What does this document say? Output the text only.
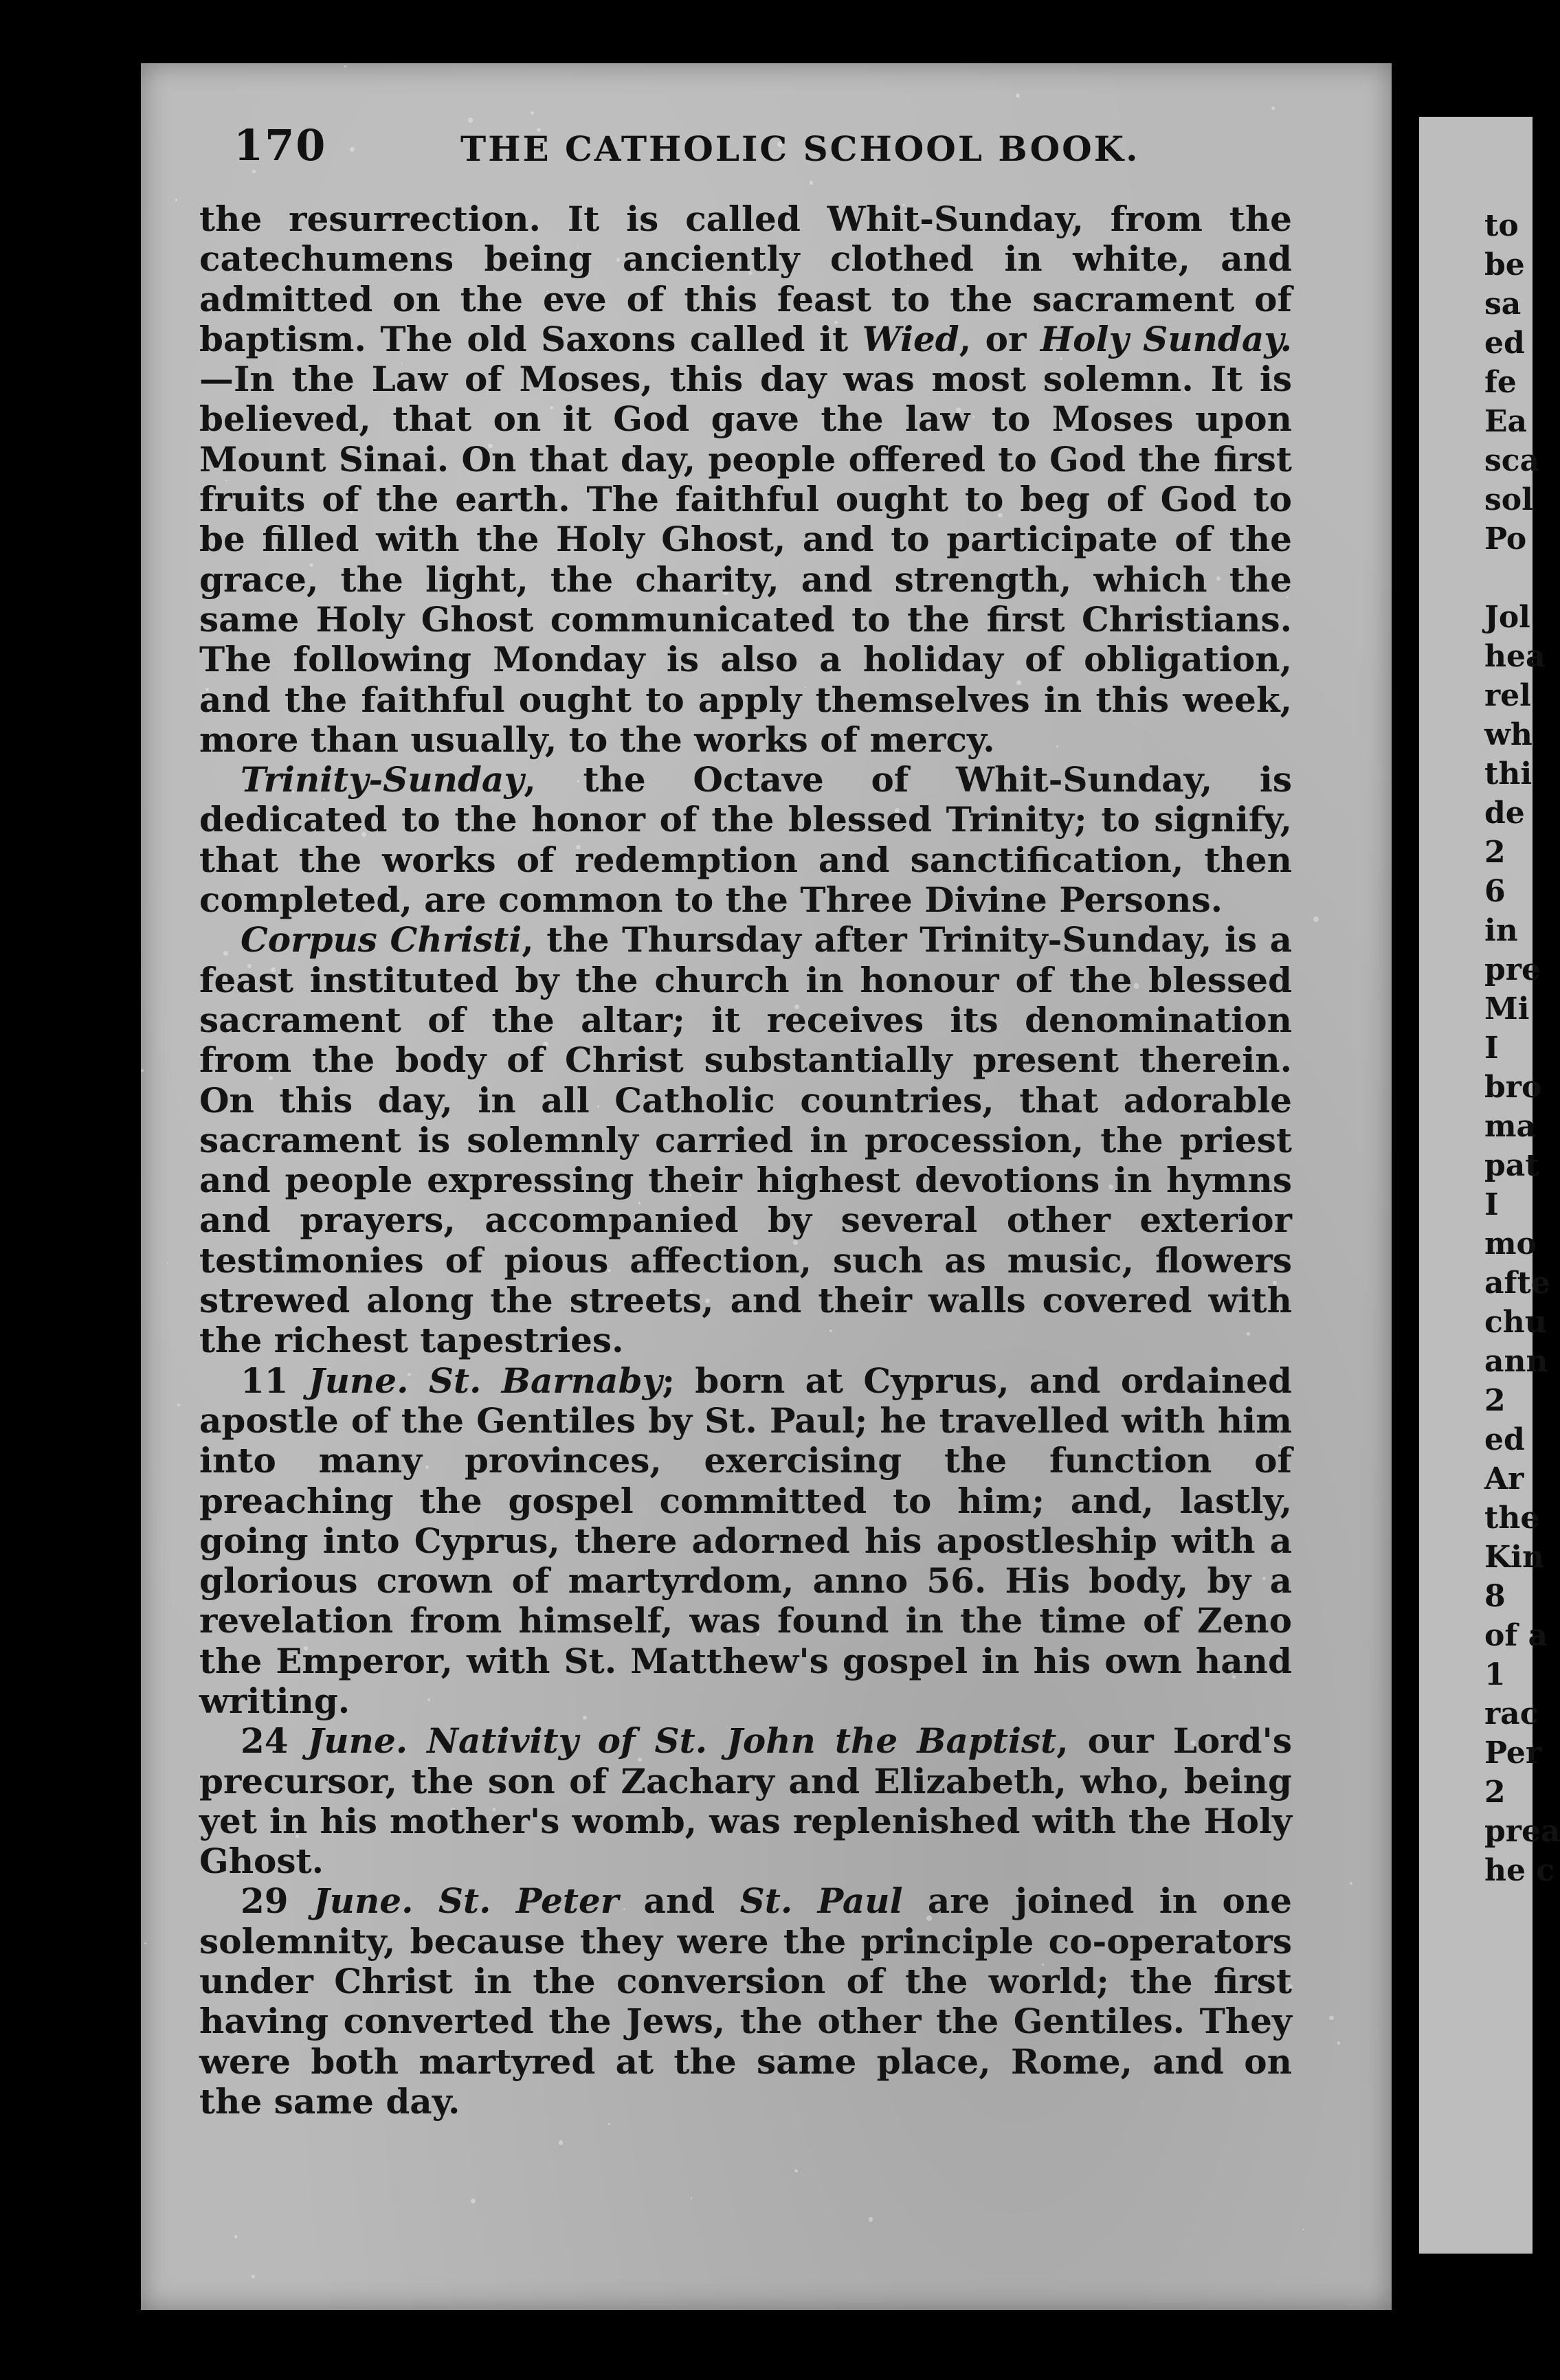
170	THE CATHOLIC SCHOOL BOOK.

the resurrection. It is called Whit-Sunday, from the catechumens being anciently clothed in white, and admitted on the eve of this feast to the sacrament of baptism. The old Saxons called it Wied, or Holy Sunday.—In the Law of Moses, this day was most solemn. It is believed, that on it God gave the law to Moses upon Mount Sinai. On that day, people offered to God the first fruits of the earth. The faithful ought to beg of God to be filled with the Holy Ghost, and to participate of the grace, the light, the charity, and strength, which the same Holy Ghost communicated to the first Christians. The following Monday is also a holiday of obligation, and the faithful ought to apply themselves in this week, more than usually, to the works of mercy.

Trinity-Sunday, the Octave of Whit-Sunday, is dedicated to the honor of the blessed Trinity; to signify, that the works of redemption and sanctification, then completed, are common to the Three Divine Persons.

Corpus Christi, the Thursday after Trinity-Sunday, is a feast instituted by the church in honour of the blessed sacrament of the altar; it receives its denomination from the body of Christ substantially present therein. On this day, in all Catholic countries, that adorable sacrament is solemnly carried in procession, the priest and people expressing their highest devotions in hymns and prayers, accompanied by several other exterior testimonies of pious affection, such as music, flowers strewed along the streets, and their walls covered with the richest tapestries.

11 June. St. Barnaby; born at Cyprus, and ordained apostle of the Gentiles by St. Paul; he travelled with him into many provinces, exercising the function of preaching the gospel committed to him; and, lastly, going into Cyprus, there adorned his apostleship with a glorious crown of martyrdom, anno 56. His body, by a revelation from himself, was found in the time of Zeno the Emperor, with St. Matthew's gospel in his own hand writing.

24 June. Nativity of St. John the Baptist, our Lord's precursor, the son of Zachary and Elizabeth, who, being yet in his mother's womb, was replenished with the Holy Ghost.

29 June. St. Peter and St. Paul are joined in one solemnity, because they were the principle co-operators under Christ in the conversion of the world; the first having converted the Jews, the other the Gentiles. They were both martyred at the same place, Rome, and on the same day.

to
be
sa
ed
fe
Ea
sca
sol
Po
Jol
hea
rel
wh
thi
de
2
6
in
pre
Mi
I
bro
ma
pat
I
mo
afte
chu
ann
2
ed
Ar
the
Kin
8
of a
1
rac
Per
2
prea
he c
